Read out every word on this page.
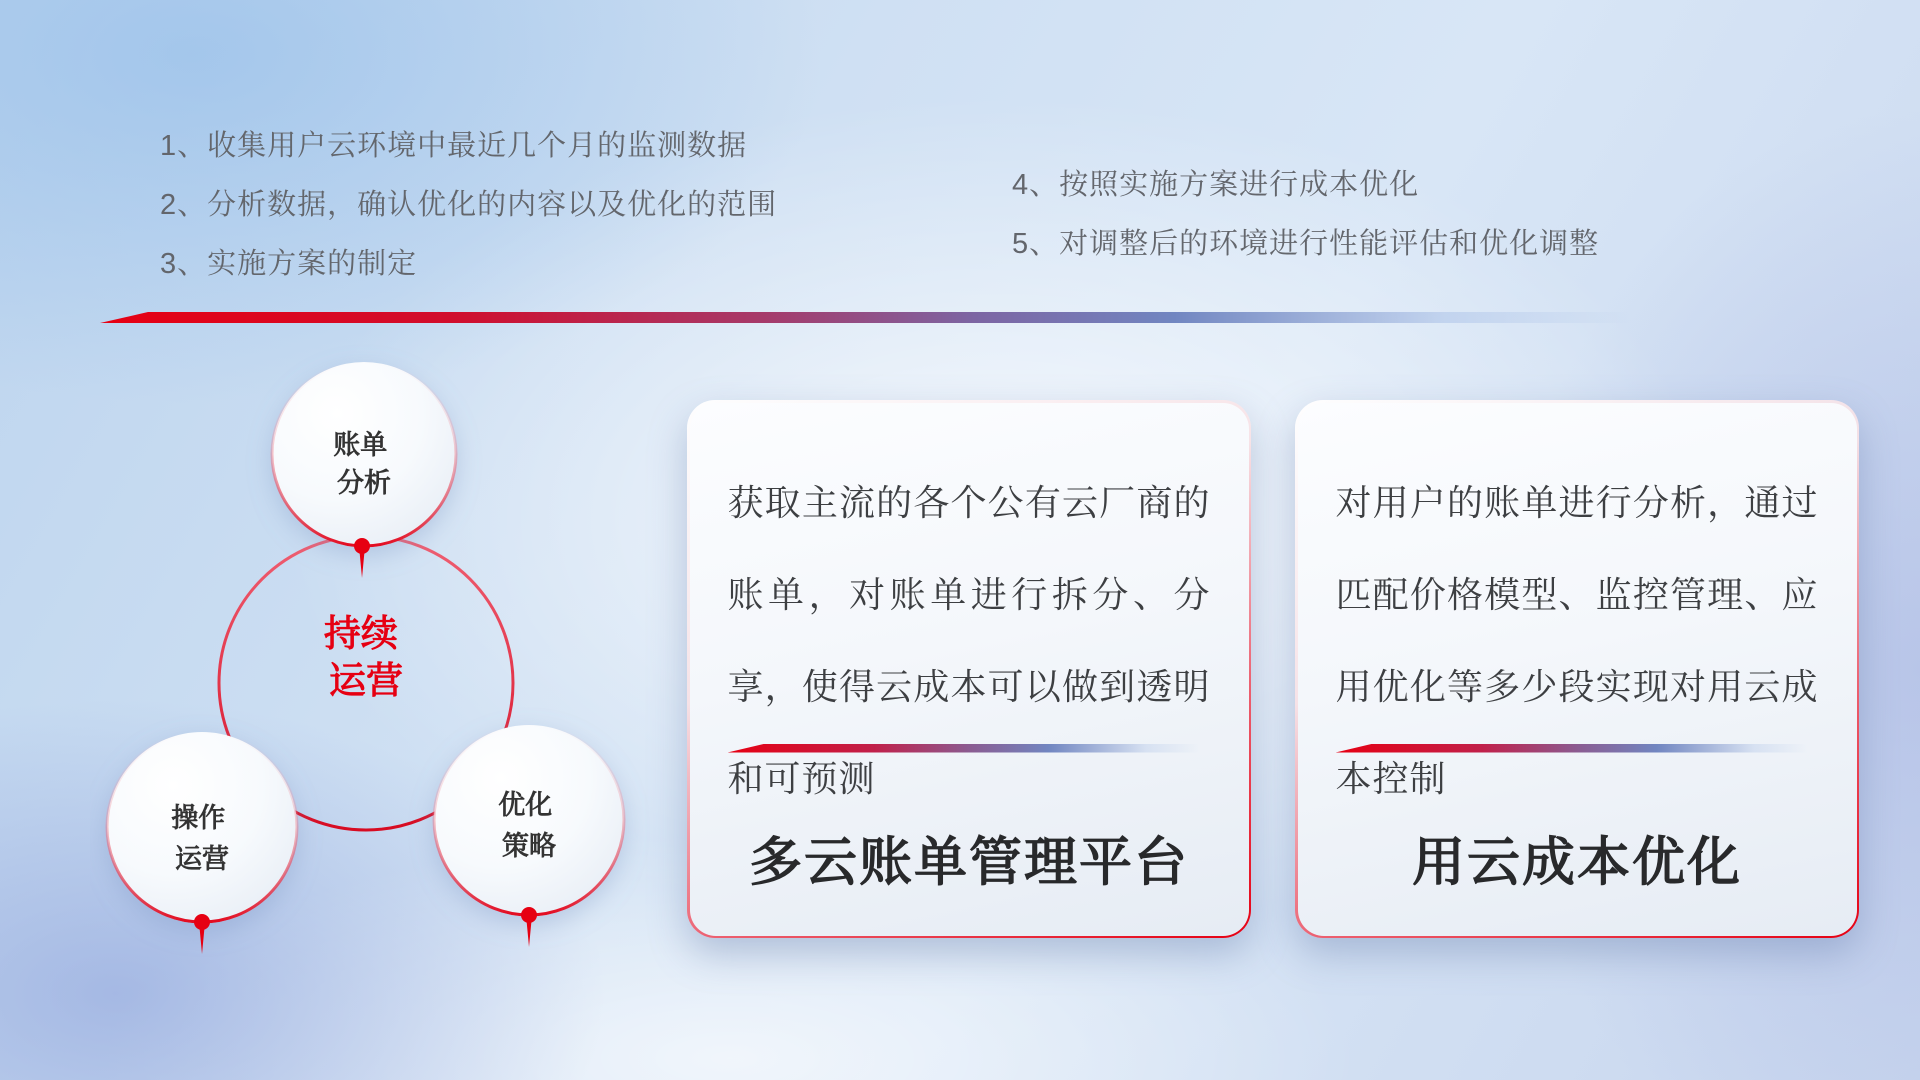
1、收集用户云环境中最近几个月的监测数据
2、分析数据，确认优化的内容以及优化的范围
3、实施方案的制定
4、按照实施方案进行成本优化
5、对调整后的环境进行性能评估和优化调整
持续 运营
账单 分析
操作 运营
优化 策略
获取主流的各个公有云厂商的账单，对账单进行拆分、分享，使得云成本可以做到透明和可预测
多云账单管理平台
对用户的账单进行分析，通过匹配价格模型、监控管理、应用优化等多少段实现对用云成本控制
用云成本优化
